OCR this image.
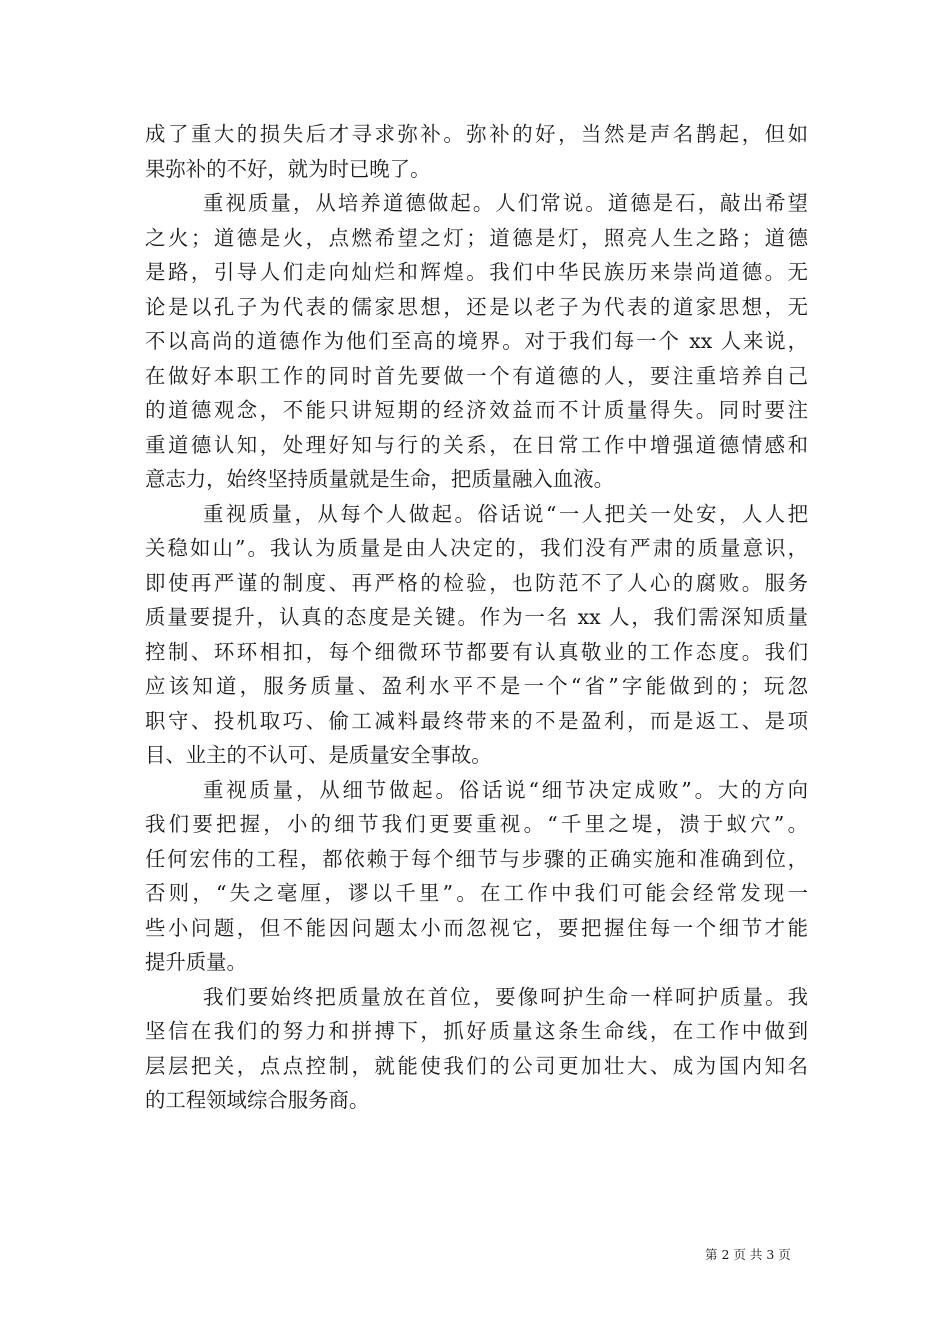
成了重大的损失后才寻求弥补。弥补的好，当然是声名鹊起，但如
果弥补的不好，就为时已晚了。
重视质量，从培养道德做起。人们常说。道德是石，敲出希望
之火；道德是火，点燃希望之灯；道德是灯，照亮人生之路；道德
是路，引导人们走向灿烂和辉煌。我们中华民族历来崇尚道德。无
论是以孔子为代表的儒家思想，还是以老子为代表的道家思想，无
不以高尚的道德作为他们至高的境界。对于我们每一个 xx 人来说，
在做好本职工作的同时首先要做一个有道德的人，要注重培养自己
的道德观念，不能只讲短期的经济效益而不计质量得失。同时要注
重道德认知，处理好知与行的关系，在日常工作中增强道德情感和
意志力，始终坚持质量就是生命，把质量融入血液。
重视质量，从每个人做起。俗话说“一人把关一处安，人人把
关稳如山”。我认为质量是由人决定的，我们没有严肃的质量意识，
即使再严谨的制度、再严格的检验，也防范不了人心的腐败。服务
质量要提升，认真的态度是关键。作为一名 xx 人，我们需深知质量
控制、环环相扣，每个细微环节都要有认真敬业的工作态度。我们
应该知道，服务质量、盈利水平不是一个“省”字能做到的；玩忽
职守、投机取巧、偷工减料最终带来的不是盈利，而是返工、是项
目、业主的不认可、是质量安全事故。
重视质量，从细节做起。俗话说“细节决定成败”。大的方向
我们要把握，小的细节我们更要重视。“千里之堤，溃于蚁穴”。
任何宏伟的工程，都依赖于每个细节与步骤的正确实施和准确到位，
否则，“失之毫厘，谬以千里”。在工作中我们可能会经常发现一
些小问题，但不能因问题太小而忽视它，要把握住每一个细节才能
提升质量。
我们要始终把质量放在首位，要像呵护生命一样呵护质量。我
坚信在我们的努力和拼搏下，抓好质量这条生命线，在工作中做到
层层把关，点点控制，就能使我们的公司更加壮大、成为国内知名
的工程领域综合服务商。
第 2 页 共 3 页
